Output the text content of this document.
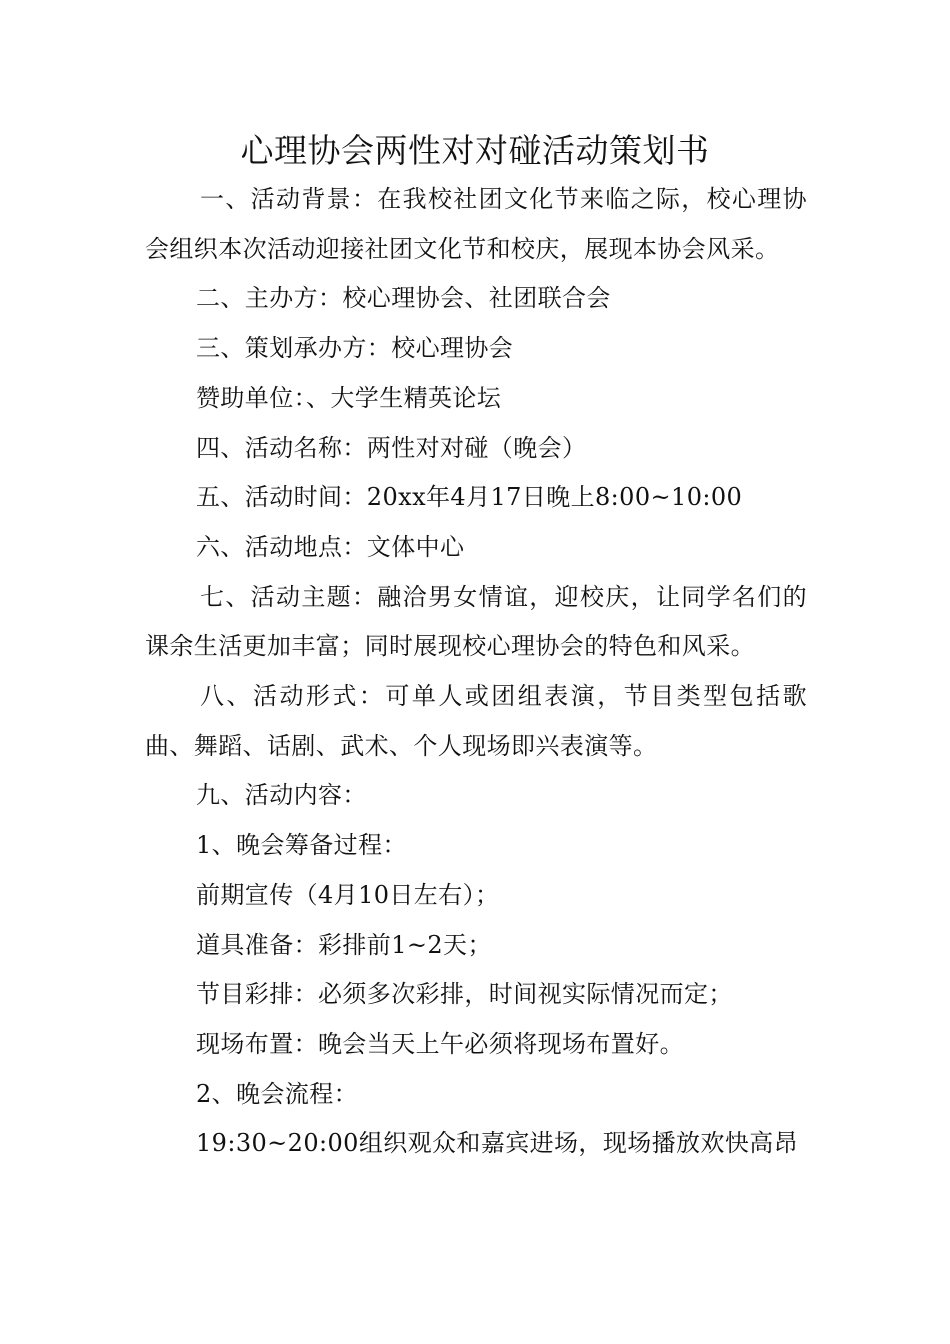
心理协会两性对对碰活动策划书

一、活动背景：在我校社团文化节来临之际，校心理协会组织本次活动迎接社团文化节和校庆，展现本协会风采。

二、主办方：校心理协会、社团联合会

三、策划承办方：校心理协会

赞助单位：、大学生精英论坛

四、活动名称：两性对对碰（晚会）

五、活动时间：20xx年4月17日晚上8:00~10:00

六、活动地点：文体中心

七、活动主题：融洽男女情谊，迎校庆，让同学名们的课余生活更加丰富；同时展现校心理协会的特色和风采。

八、活动形式：可单人或团组表演，节目类型包括歌曲、舞蹈、话剧、武术、个人现场即兴表演等。

九、活动内容：

1、晚会筹备过程：

前期宣传（4月10日左右）；

道具准备：彩排前1~2天；

节目彩排：必须多次彩排，时间视实际情况而定；

现场布置：晚会当天上午必须将现场布置好。

2、晚会流程：

19:30~20:00组织观众和嘉宾进场，现场播放欢快高昂
